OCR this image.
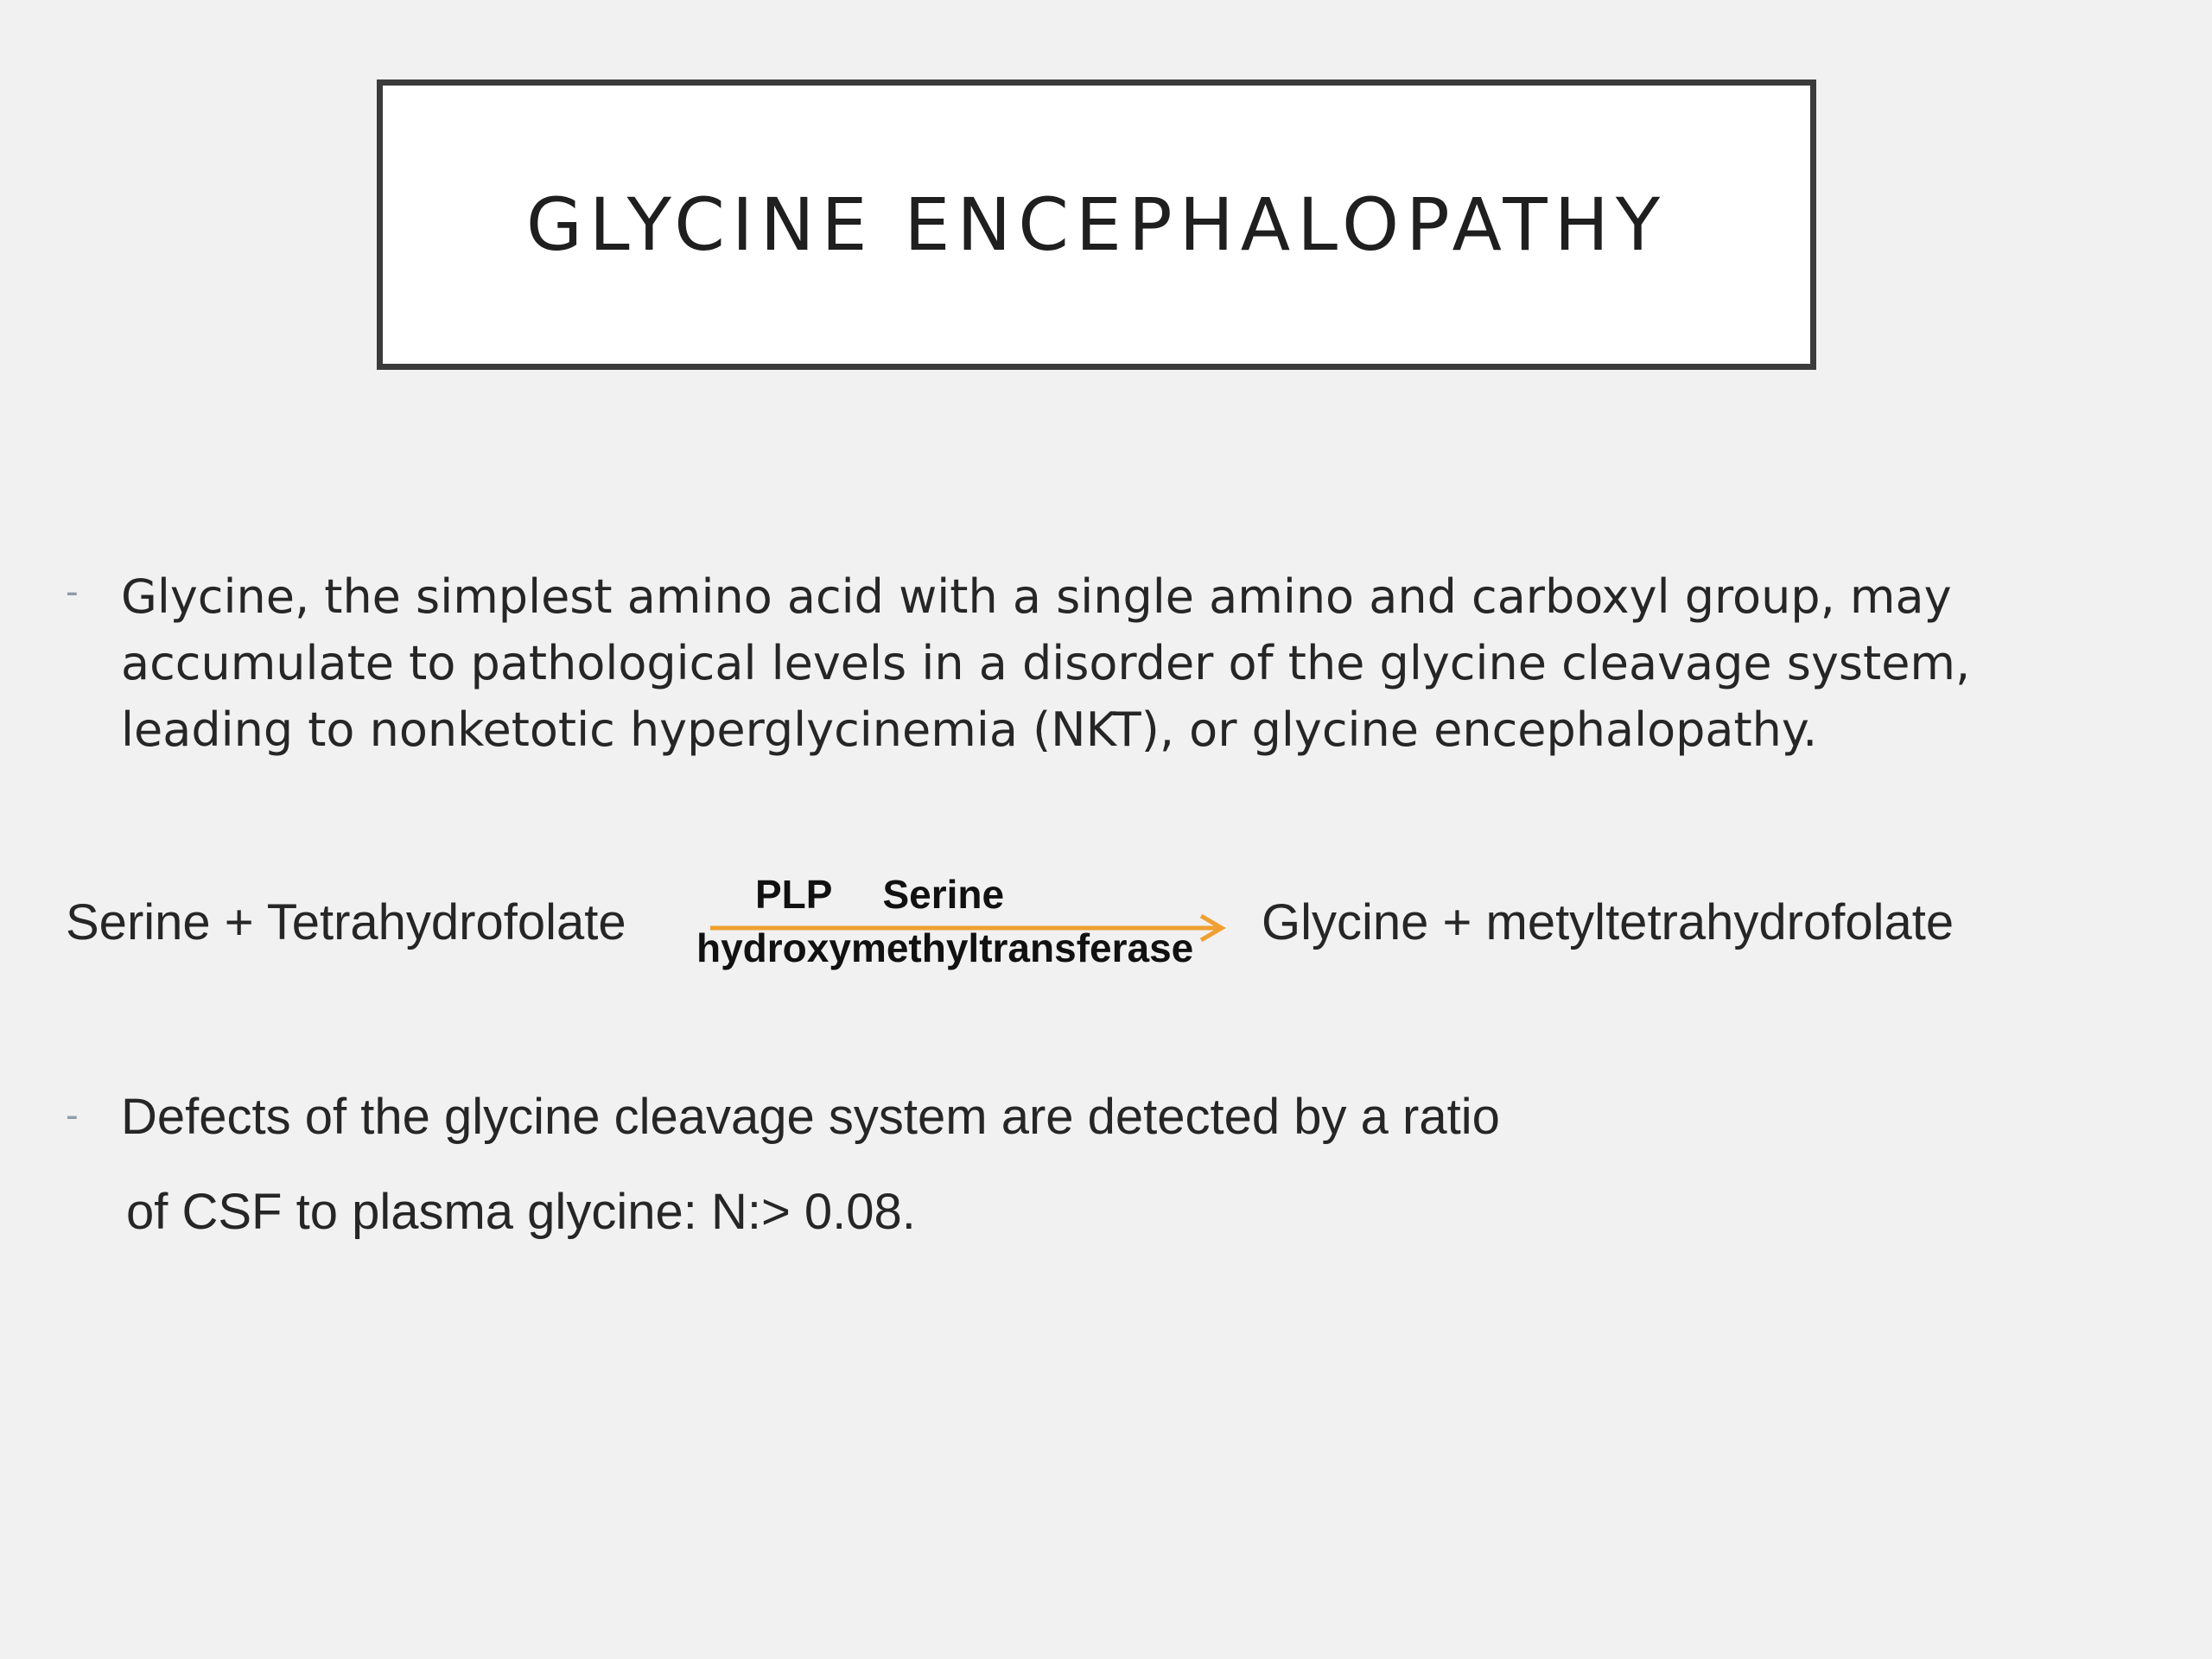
GLYCINE ENCEPHALOPATHY
- Glycine, the simplest amino acid with a single amino and carboxyl group, may accumulate to pathological levels in a disorder of the glycine cleavage system, leading to nonketotic hyperglycinemia (NKT), or glycine encephalopathy.
Serine + Tetrahydrofolate	PLP Serine
hydroxymethyltransferase Glycine + metyltetrahydrofolate
- Defects of the glycine cleavage system are detected by a ratio
of CSF to plasma glycine: N:> 0.08.
